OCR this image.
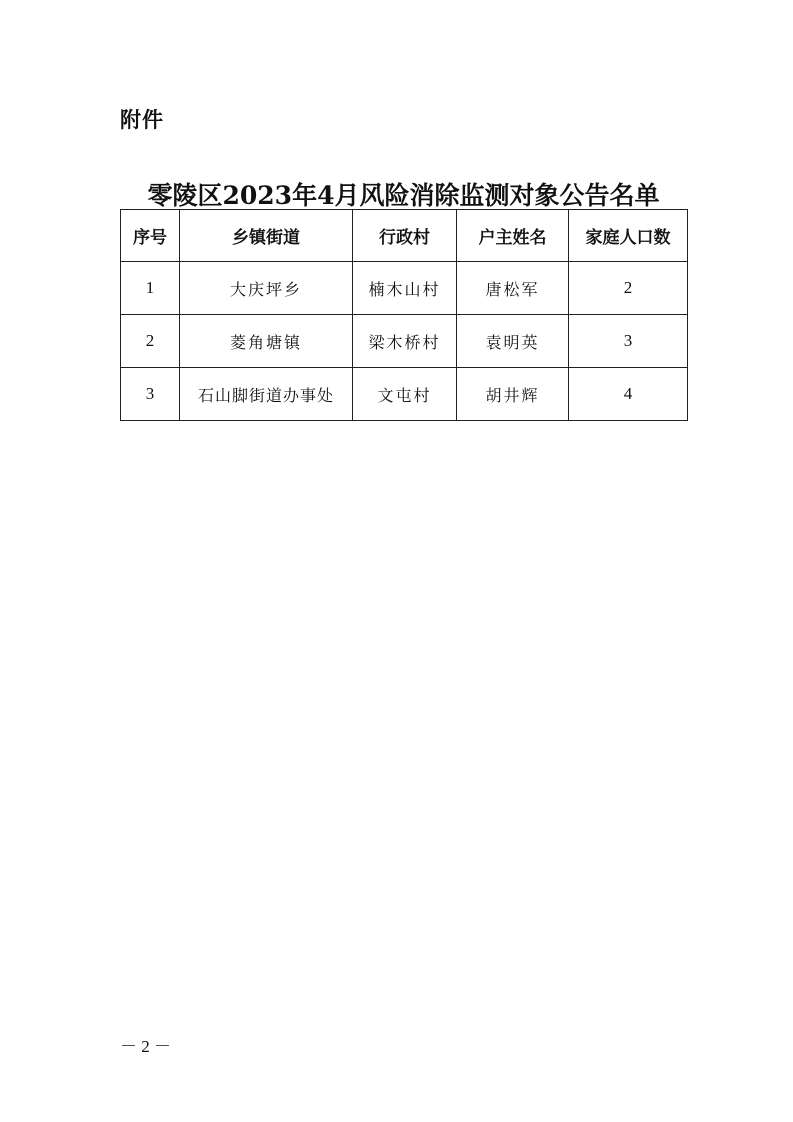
附件
零陵区2023年4月风险消除监测对象公告名单
序号	乡镇街道	行政村	户主姓名	家庭人口数
1	大庆坪乡	楠木山村	唐松军	2
2	菱角塘镇	梁木桥村	袁明英	3
3	石山脚街道办事处	文屯村	胡井辉	4
－ 2 －
